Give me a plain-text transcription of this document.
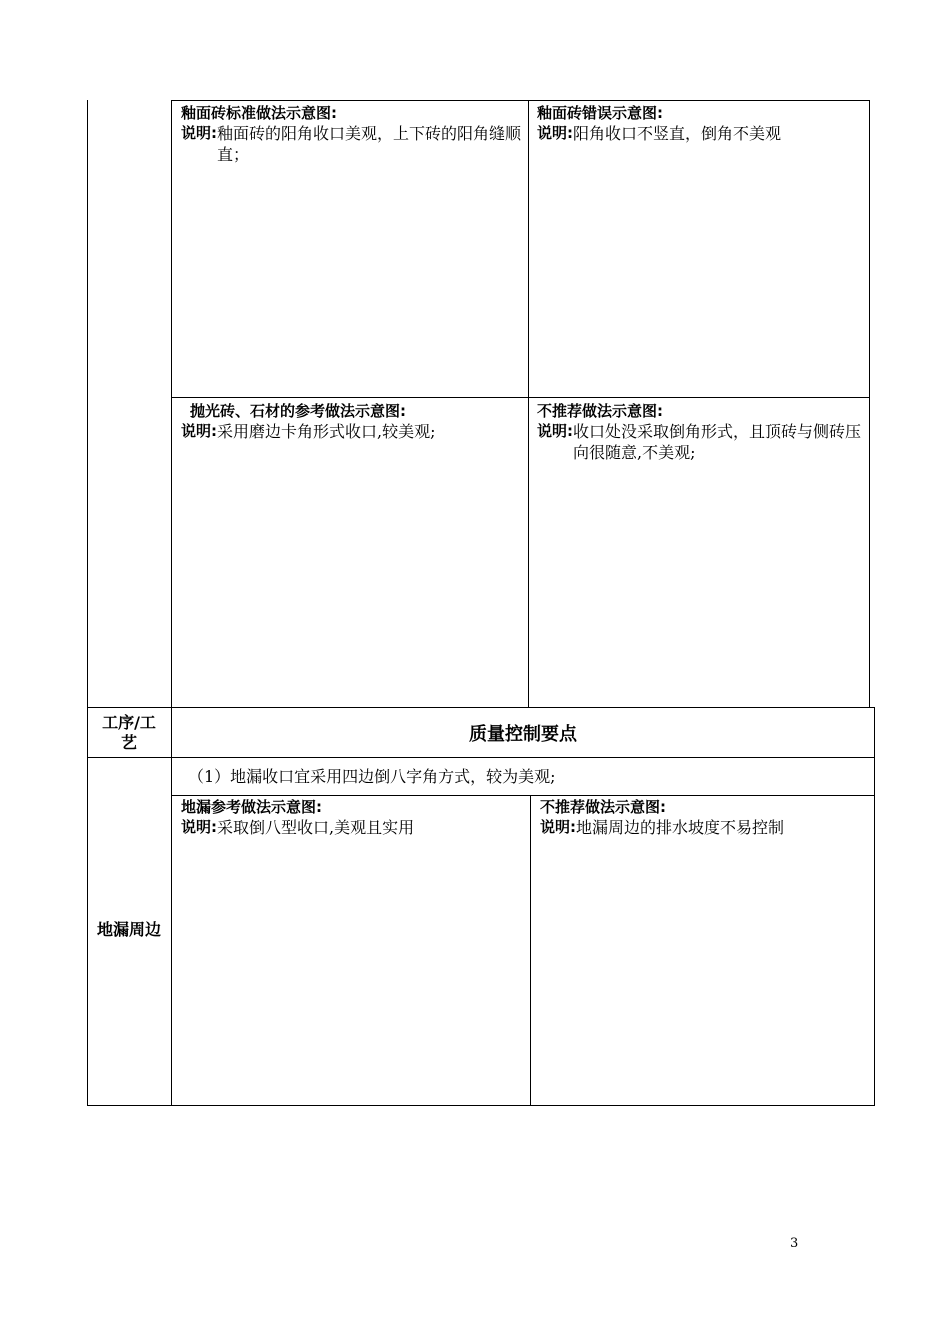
釉面砖标准做法示意图:
说明: 釉面砖的阳角收口美观，上下砖的阳角缝顺直；
釉面砖错误示意图:
说明: 阳角收口不竖直，倒角不美观
抛光砖、石材的参考做法示意图:
说明: 采用磨边卡角形式收口,较美观;
不推荐做法示意图:
说明: 收口处没采取倒角形式，且顶砖与侧砖压向很随意,不美观;
工序/工艺	质量控制要点
（1）地漏收口宜采用四边倒八字角方式，较为美观;
地漏周边
地漏参考做法示意图:
说明: 采取倒八型收口,美观且实用
不推荐做法示意图:
说明: 地漏周边的排水坡度不易控制
3
